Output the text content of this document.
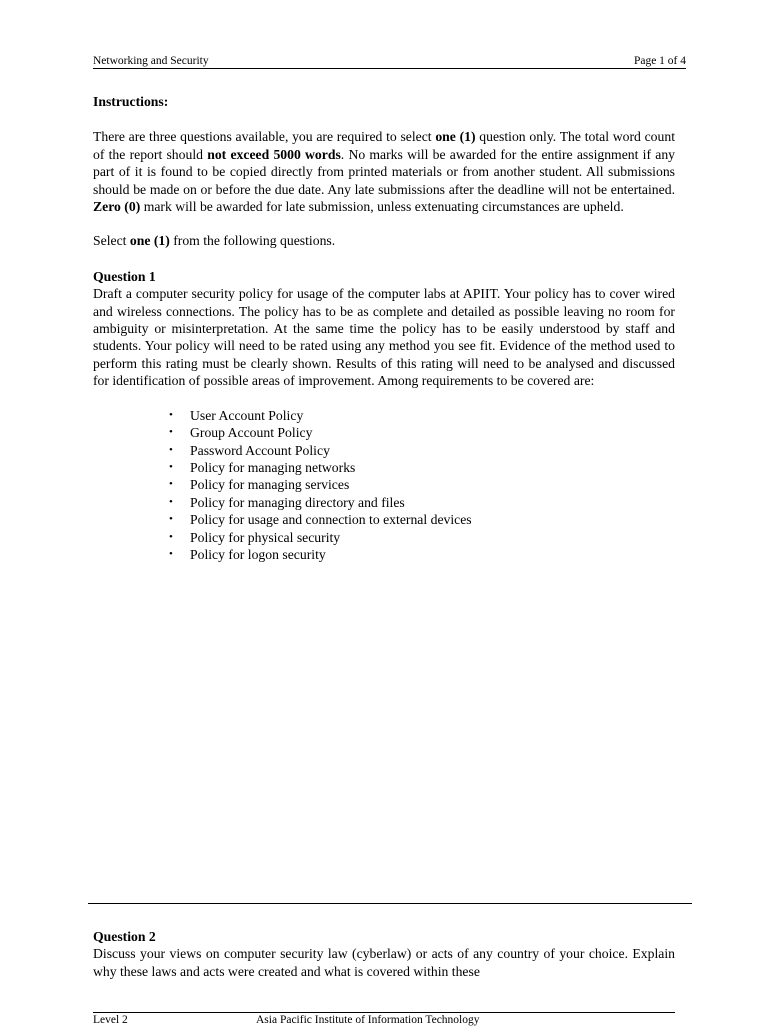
Networking and Security	Page 1 of 4

Instructions:

There are three questions available, you are required to select one (1) question only. The total word count of the report should not exceed 5000 words. No marks will be awarded for the entire assignment if any part of it is found to be copied directly from printed materials or from another student. All submissions should be made on or before the due date. Any late submissions after the deadline will not be entertained. Zero (0) mark will be awarded for late submission, unless extenuating circumstances are upheld.

Select one (1) from the following questions.

Question 1

Draft a computer security policy for usage of the computer labs at APIIT. Your policy has to cover wired and wireless connections. The policy has to be as complete and detailed as possible leaving no room for ambiguity or misinterpretation. At the same time the policy has to be easily understood by staff and students. Your policy will need to be rated using any method you see fit. Evidence of the method used to perform this rating must be clearly shown. Results of this rating will need to be analysed and discussed for identification of possible areas of improvement. Among requirements to be covered are:

• User Account Policy
• Group Account Policy
• Password Account Policy
• Policy for managing networks
• Policy for managing services
• Policy for managing directory and files
• Policy for usage and connection to external devices
• Policy for physical security
• Policy for logon security

Question 2

Discuss your views on computer security law (cyberlaw) or acts of any country of your choice. Explain why these laws and acts were created and what is covered within these

Level 2	Asia Pacific Institute of Information Technology
